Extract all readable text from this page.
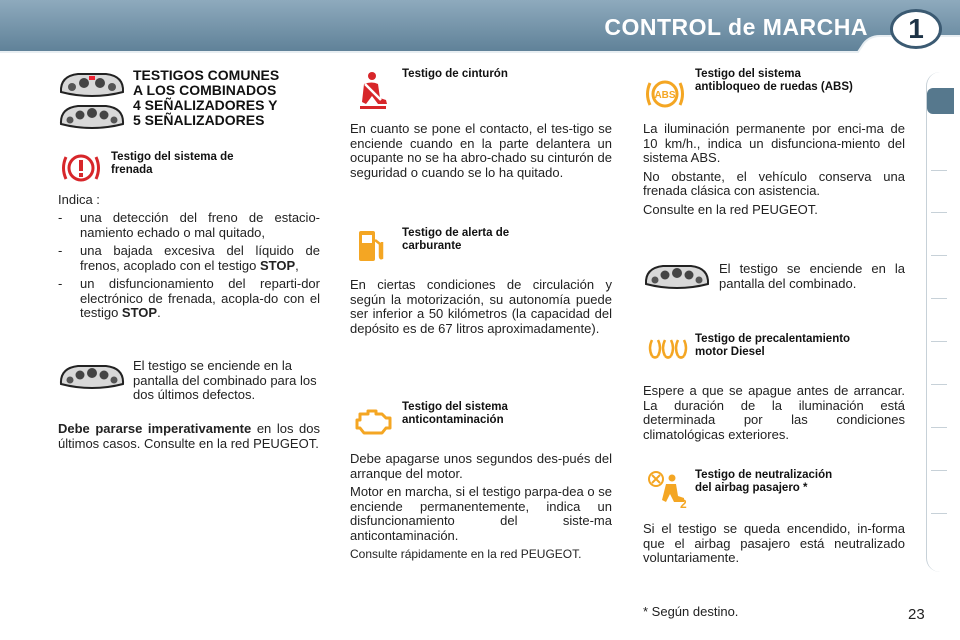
CONTROL de MARCHA	1
TESTIGOS COMUNES
A LOS COMBINADOS
4 SEÑALIZADORES Y
5 SEÑALIZADORES
Testigo del sistema de
frenada
Indica :
- una detección del freno de estacio-namiento echado o mal quitado,
- una bajada excesiva del líquido de frenos, acoplado con el testigo STOP,
- un disfuncionamiento del reparti-dor electrónico de frenada, acopla-do con el testigo STOP.
El testigo se enciende en la pantalla del combinado para los dos últimos defectos.
Debe pararse imperativamente en los dos últimos casos. Consulte en la red PEUGEOT.
Testigo de cinturón
En cuanto se pone el contacto, el tes-tigo se enciende cuando en la parte delantera un ocupante no se ha abro-chado su cinturón de seguridad o cuando se lo ha quitado.
Testigo de alerta de
carburante
En ciertas condiciones de circulación y según la motorización, su autonomía puede ser inferior a 50 kilómetros (la capacidad del depósito es de 67 litros aproximadamente).
Testigo del sistema
anticontaminación
Debe apagarse unos segundos des-pués del arranque del motor.
Motor en marcha, si el testigo parpa-dea o se enciende permanentemente, indica un disfuncionamiento del siste-ma anticontaminación.
Consulte rápidamente en la red PEUGEOT.
ABS
Testigo del sistema
antibloqueo de ruedas (ABS)
La iluminación permanente por enci-ma de 10 km/h., indica un disfunciona-miento del sistema ABS.
No obstante, el vehículo conserva una frenada clásica con asistencia.
Consulte en la red PEUGEOT.
El testigo se enciende en la pantalla del combinado.
Testigo de precalentamiento
motor Diesel
Espere a que se apague antes de arrancar. La duración de la iluminación está determinada por las condiciones climatológicas exteriores.
2
Testigo de neutralización
del airbag pasajero *
Si el testigo se queda encendido, in-forma que el airbag pasajero está neutralizado voluntariamente.
* Según destino.	23
